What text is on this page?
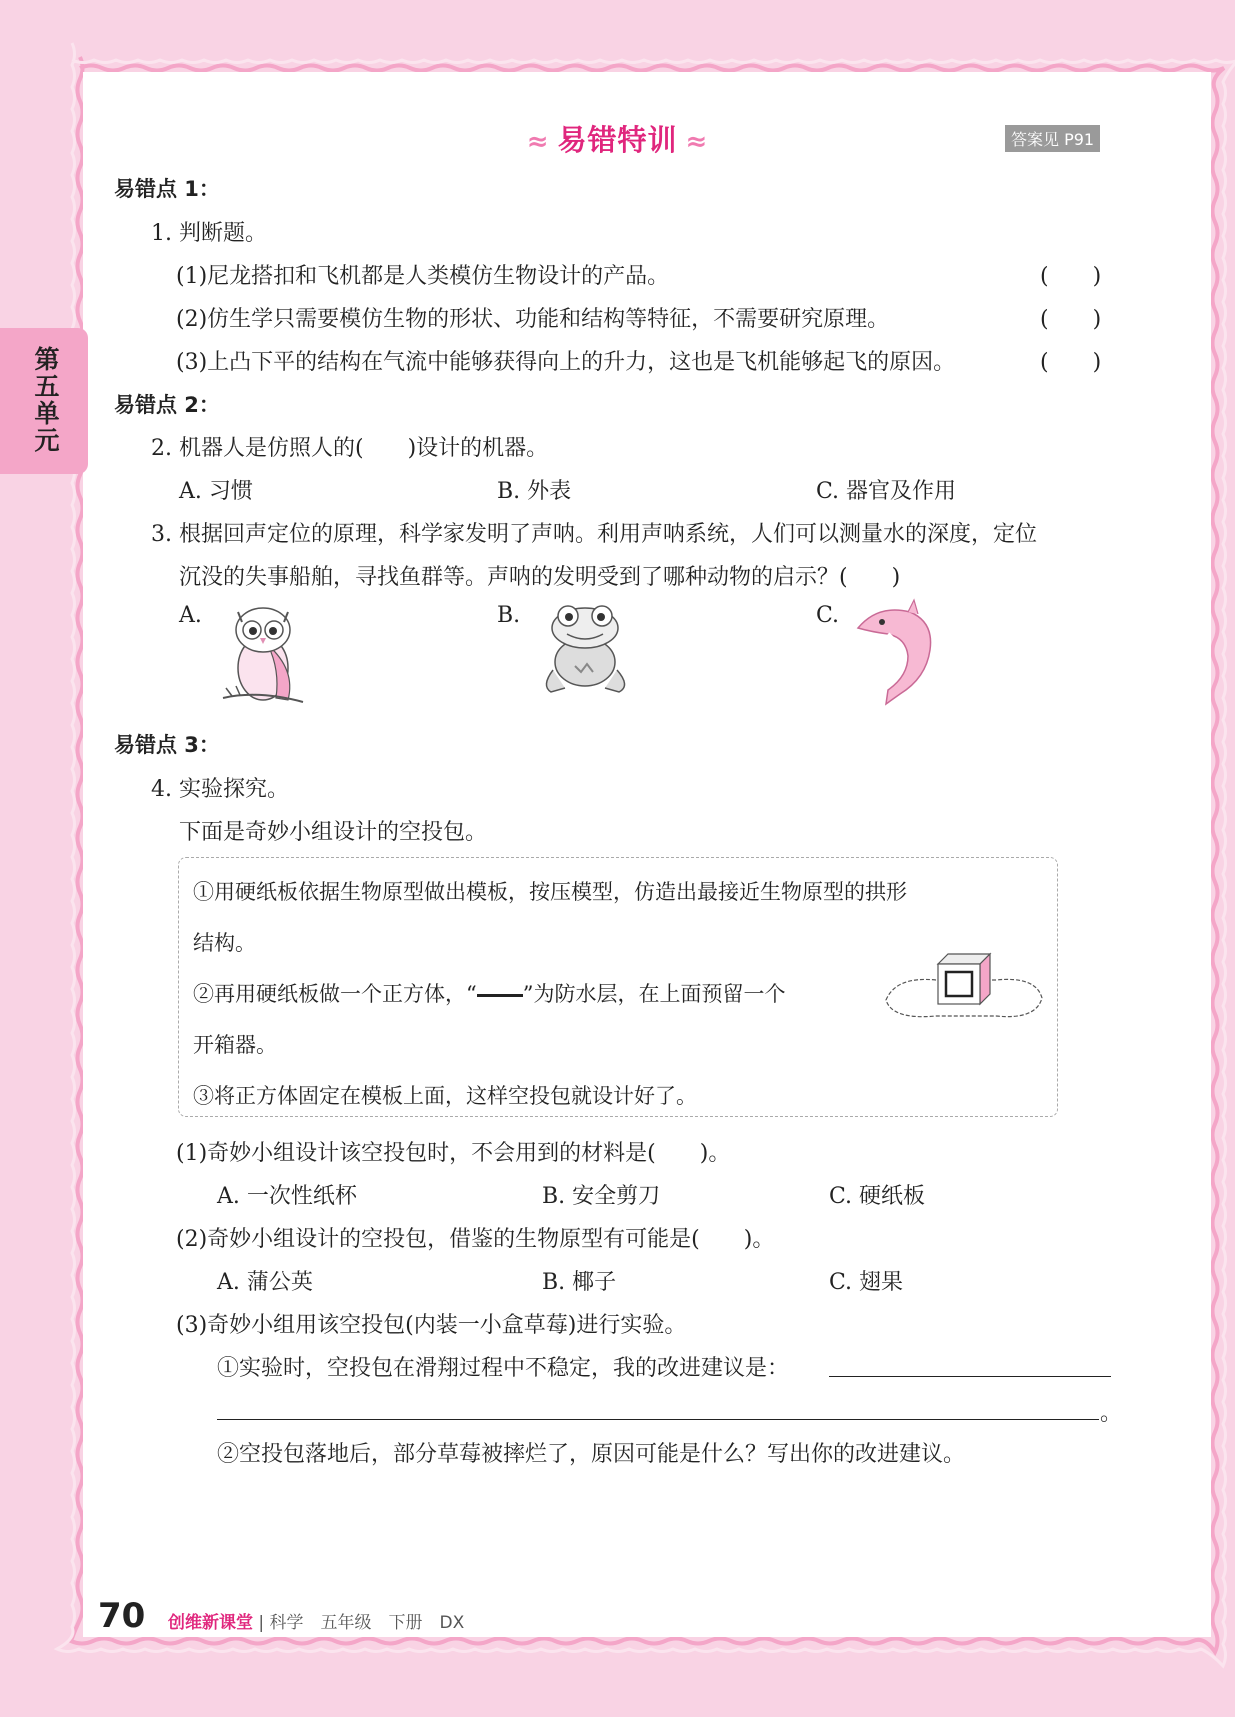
≈ 易错特训 ≈	答案见 P91
第五单元
易错点 1：
1. 判断题。
(1)尼龙搭扣和飞机都是人类模仿生物设计的产品。	(　　)
(2)仿生学只需要模仿生物的形状、功能和结构等特征，不需要研究原理。	(　　)
(3)上凸下平的结构在气流中能够获得向上的升力，这也是飞机能够起飞的原因。	(　　)
易错点 2：
2. 机器人是仿照人的(　　)设计的机器。
A. 习惯	B. 外表	C. 器官及作用
3. 根据回声定位的原理，科学家发明了声呐。利用声呐系统，人们可以测量水的深度，定位
沉没的失事船舶，寻找鱼群等。声呐的发明受到了哪种动物的启示？(　　)
A.	B.	C.
易错点 3：
4. 实验探究。
下面是奇妙小组设计的空投包。
①用硬纸板依据生物原型做出模板，按压模型，仿造出最接近生物原型的拱形
结构。
②再用硬纸板做一个正方体，“ ”为防水层，在上面预留一个
开箱器。
③将正方体固定在模板上面，这样空投包就设计好了。
(1)奇妙小组设计该空投包时，不会用到的材料是(　　)。
A. 一次性纸杯	B. 安全剪刀	C. 硬纸板
(2)奇妙小组设计的空投包，借鉴的生物原型有可能是(　　)。
A. 蒲公英	B. 椰子	C. 翅果
(3)奇妙小组用该空投包(内装一小盒草莓)进行实验。
①实验时，空投包在滑翔过程中不稳定，我的改进建议是：
。
②空投包落地后，部分草莓被摔烂了，原因可能是什么？写出你的改进建议。
70 创维新课堂 | 科学　五年级　下册　DX
